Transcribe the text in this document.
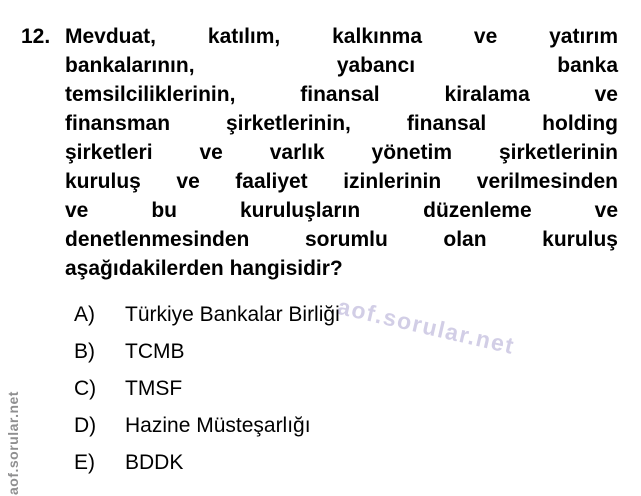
12. Mevduat, katılım, kalkınma ve yatırım
bankalarının, yabancı banka
temsilciliklerinin, finansal kiralama ve
finansman şirketlerinin, finansal holding
şirketleri ve varlık yönetim şirketlerinin
kuruluş ve faaliyet izinlerinin verilmesinden
ve bu kuruluşların düzenleme ve
denetlenmesinden sorumlu olan kuruluş
aşağıdakilerden hangisidir?
A)	Türkiye Bankalar Birliği
B)	TCMB
C)	TMSF
D)	Hazine Müsteşarlığı
E)	BDDK
aof.sorular.net
aof.sorular.net
